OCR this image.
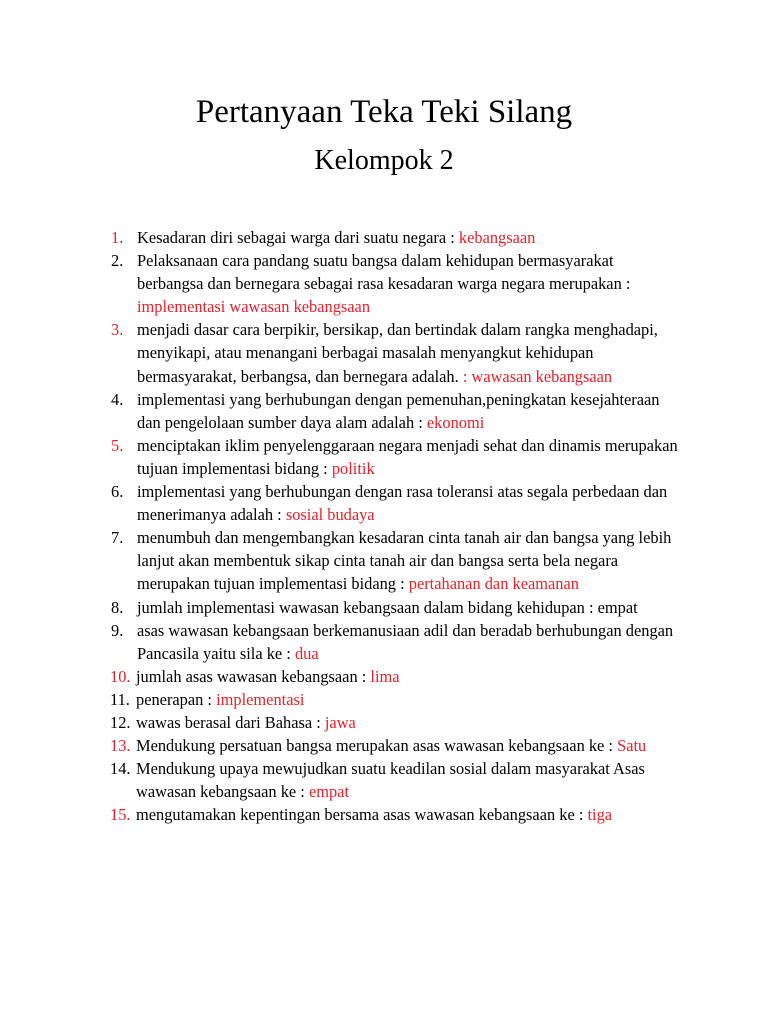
Pertanyaan Teka Teki Silang
Kelompok 2
1. Kesadaran diri sebagai warga dari suatu negara : kebangsaan
2. Pelaksanaan cara pandang suatu bangsa dalam kehidupan bermasyarakat berbangsa dan bernegara sebagai rasa kesadaran warga negara merupakan : implementasi wawasan kebangsaan
3. menjadi dasar cara berpikir, bersikap, dan bertindak dalam rangka menghadapi, menyikapi, atau menangani berbagai masalah menyangkut kehidupan bermasyarakat, berbangsa, dan bernegara adalah. : wawasan kebangsaan
4. implementasi yang berhubungan dengan pemenuhan,peningkatan kesejahteraan dan pengelolaan sumber daya alam adalah : ekonomi
5. menciptakan iklim penyelenggaraan negara menjadi sehat dan dinamis merupakan tujuan implementasi bidang : politik
6. implementasi yang berhubungan dengan rasa toleransi atas segala perbedaan dan menerimanya adalah : sosial budaya
7. menumbuh dan mengembangkan kesadaran cinta tanah air dan bangsa yang lebih lanjut akan membentuk sikap cinta tanah air dan bangsa serta bela negara merupakan tujuan implementasi bidang : pertahanan dan keamanan
8. jumlah implementasi wawasan kebangsaan dalam bidang kehidupan : empat
9. asas wawasan kebangsaan berkemanusiaan adil dan beradab berhubungan dengan Pancasila yaitu sila ke : dua
10. jumlah asas wawasan kebangsaan : lima
11. penerapan : implementasi
12. wawas berasal dari Bahasa : jawa
13. Mendukung persatuan bangsa merupakan asas wawasan kebangsaan ke : Satu
14. Mendukung upaya mewujudkan suatu keadilan sosial dalam masyarakat Asas wawasan kebangsaan ke : empat
15. mengutamakan kepentingan bersama asas wawasan kebangsaan ke : tiga
